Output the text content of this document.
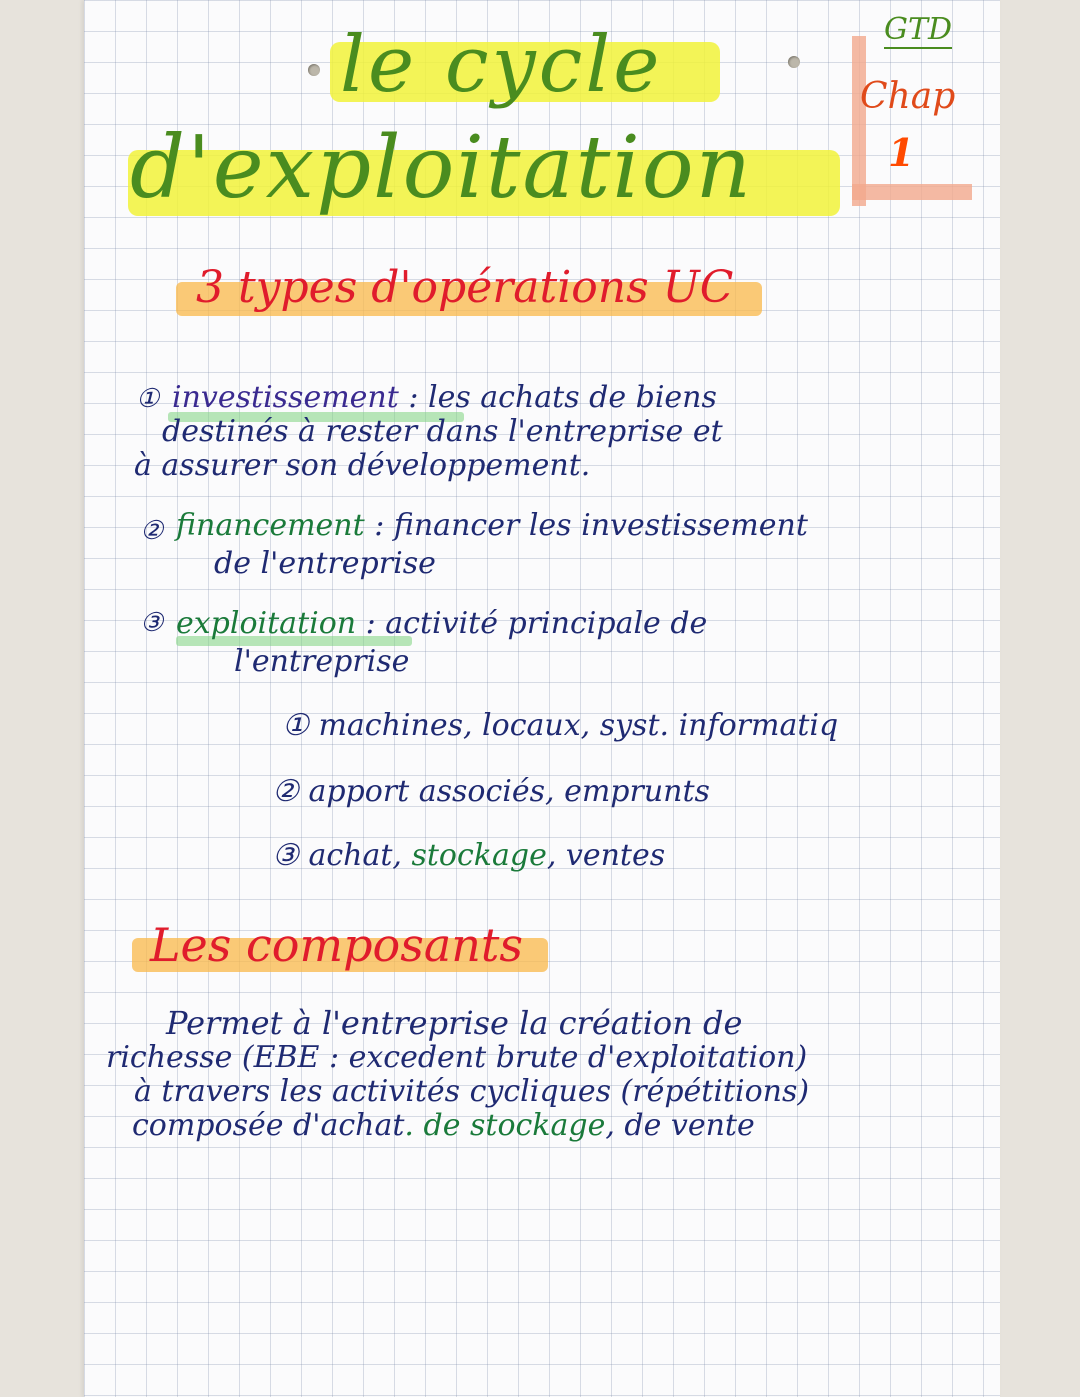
le cycle
d'exploitation
GTD
Chap
1
3 types d'opérations UC
① investissement : les achats de biens
destinés à rester dans l'entreprise et
à assurer son développement.
② financement : financer les investissement
de l'entreprise
③ exploitation : activité principale de
l'entreprise
① machines, locaux, syst. informatiq
② apport associés, emprunts
③ achat, stockage, ventes
Les composants
Permet à l'entreprise la création de
richesse (EBE : excedent brute d'exploitation)
à travers les activités cycliques (répétitions)
composée d'achat. de stockage, de vente
